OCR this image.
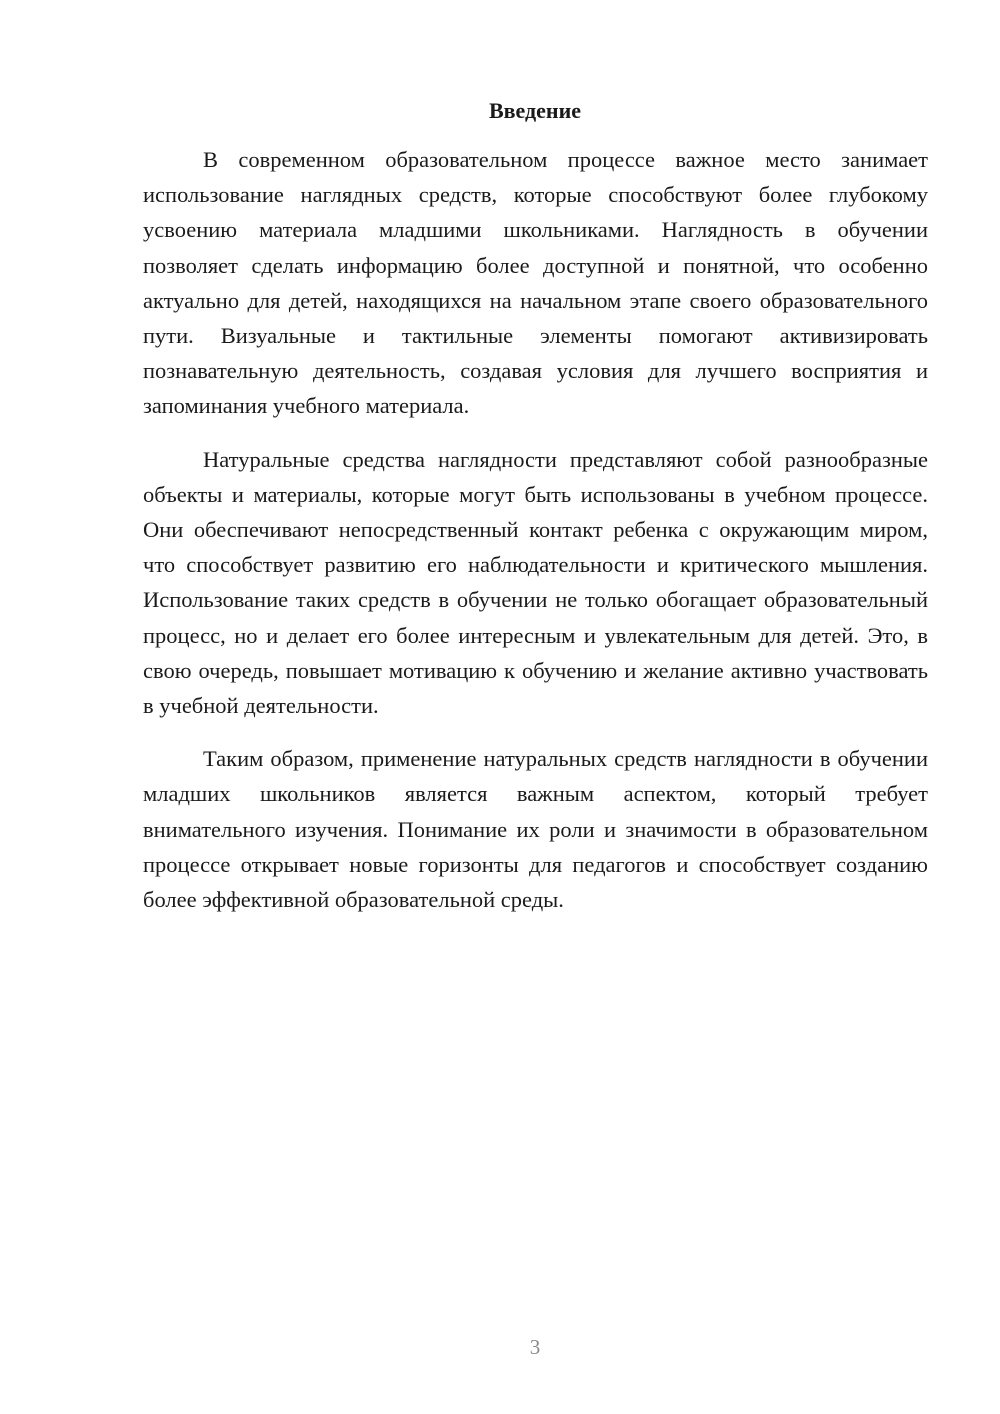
Введение

В современном образовательном процессе важное место занимает использование наглядных средств, которые способствуют более глубокому усвоению материала младшими школьниками. Наглядность в обучении позволяет сделать информацию более доступной и понятной, что особенно актуально для детей, находящихся на начальном этапе своего образовательного пути. Визуальные и тактильные элементы помогают активизировать познавательную деятельность, создавая условия для лучшего восприятия и запоминания учебного материала.

Натуральные средства наглядности представляют собой разнообразные объекты и материалы, которые могут быть использованы в учебном процессе. Они обеспечивают непосредственный контакт ребенка с окружающим миром, что способствует развитию его наблюдательности и критического мышления. Использование таких средств в обучении не только обогащает образовательный процесс, но и делает его более интересным и увлекательным для детей. Это, в свою очередь, повышает мотивацию к обучению и желание активно участвовать в учебной деятельности.

Таким образом, применение натуральных средств наглядности в обучении младших школьников является важным аспектом, который требует внимательного изучения. Понимание их роли и значимости в образовательном процессе открывает новые горизонты для педагогов и способствует созданию более эффективной образовательной среды.

3
